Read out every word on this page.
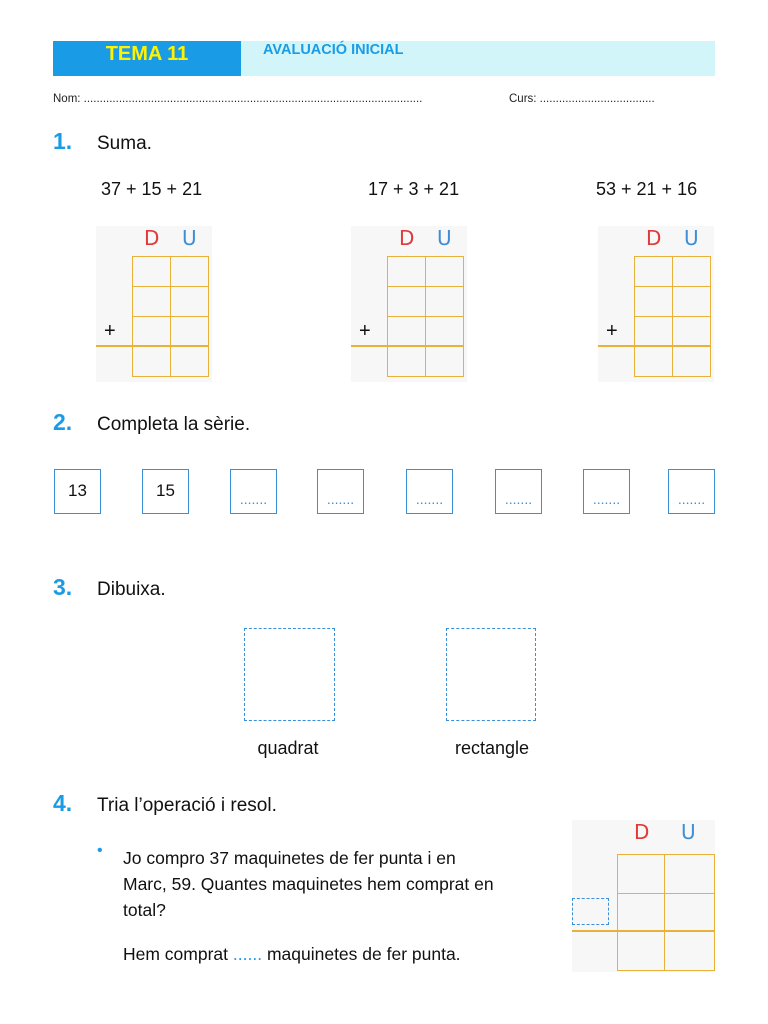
TEMA 11	AVALUACIÓ INICIAL
Nom: ..........................................................................................................	Curs: ....................................
1. Suma.
37 + 15 + 21	17 + 3 + 21	53 + 21 + 16
D U
+
D U
+
D U
+
2. Completa la sèrie.
13	15	.......	.......	.......	.......	.......	.......
3. Dibuixa.
quadrat	rectangle
4. Tria l’operació i resol.
• Jo compro 37 maquinetes de fer punta i en Marc, 59. Quantes maquinetes hem comprat en total?
Hem comprat ...... maquinetes de fer punta.
D U
